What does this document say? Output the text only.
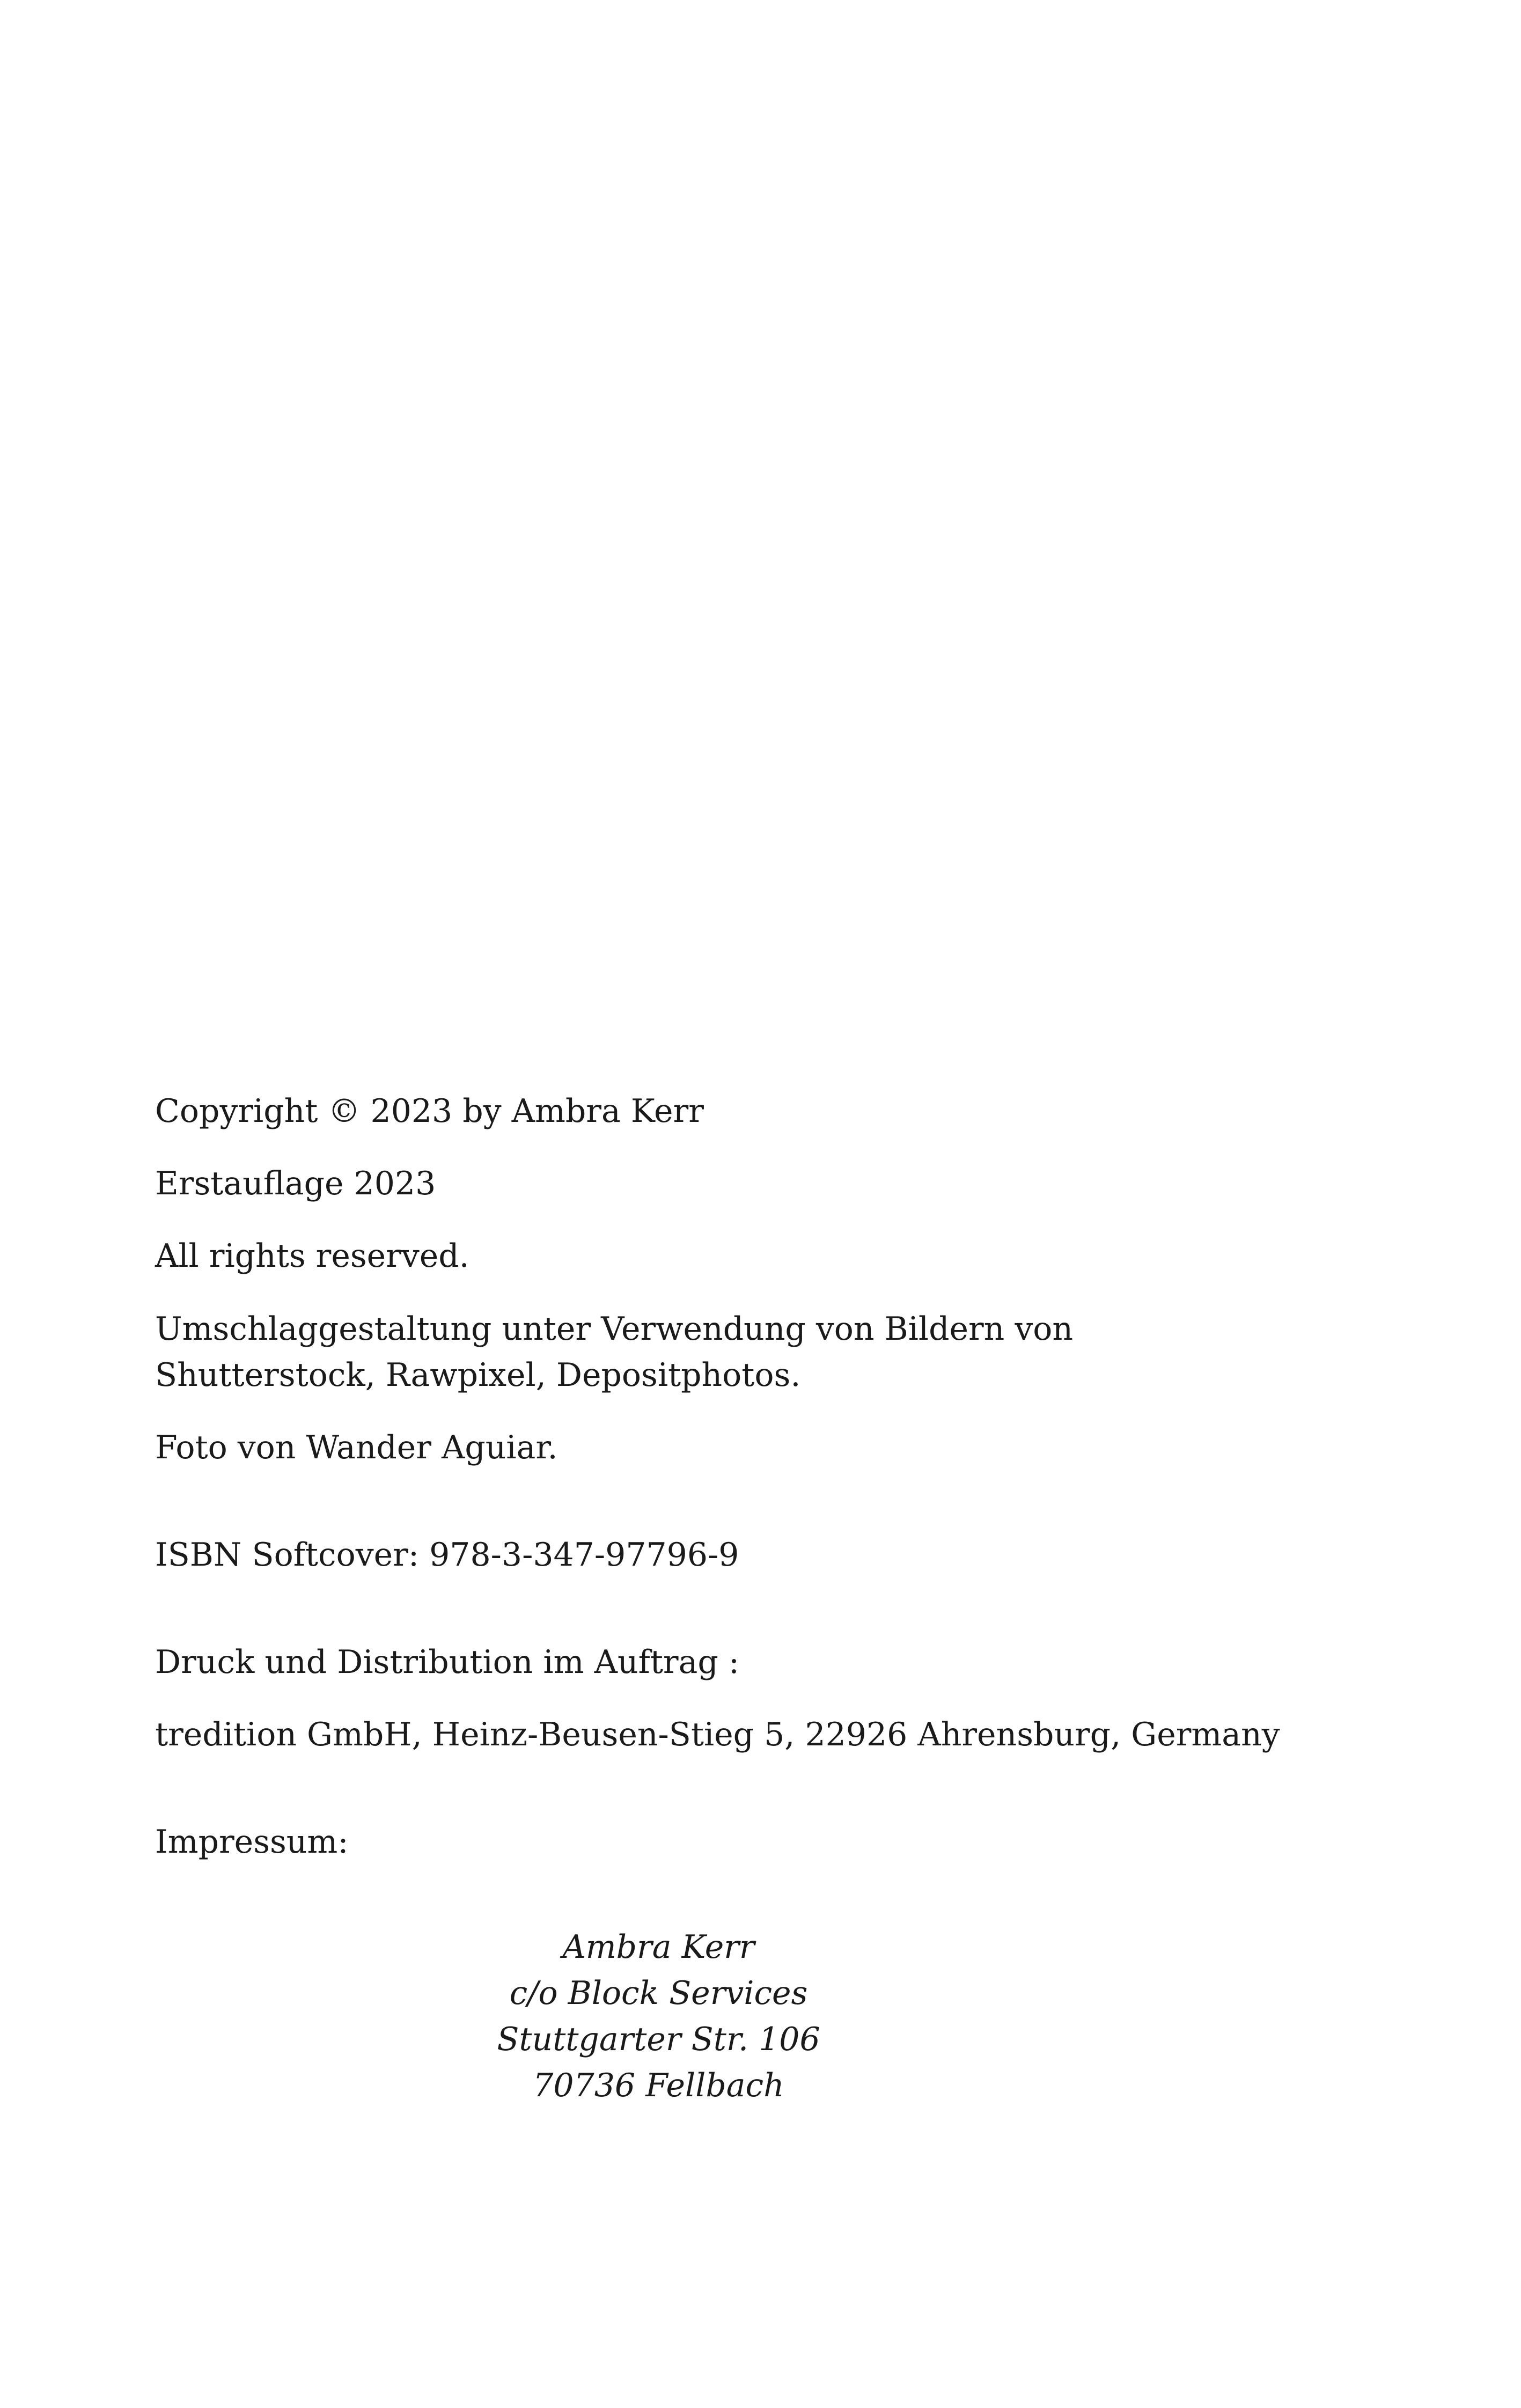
Copyright © 2023 by Ambra Kerr

Erstauflage 2023

All rights reserved.

Umschlaggestaltung unter Verwendung von Bildern von

Shutterstock, Rawpixel, Depositphotos.

Foto von Wander Aguiar.

ISBN Softcover: 978-3-347-97796-9

Druck und Distribution im Auftrag :

tredition GmbH, Heinz-Beusen-Stieg 5, 22926 Ahrensburg, Germany

Impressum:

Ambra Kerr
c/o Block Services
Stuttgarter Str. 106
70736 Fellbach
